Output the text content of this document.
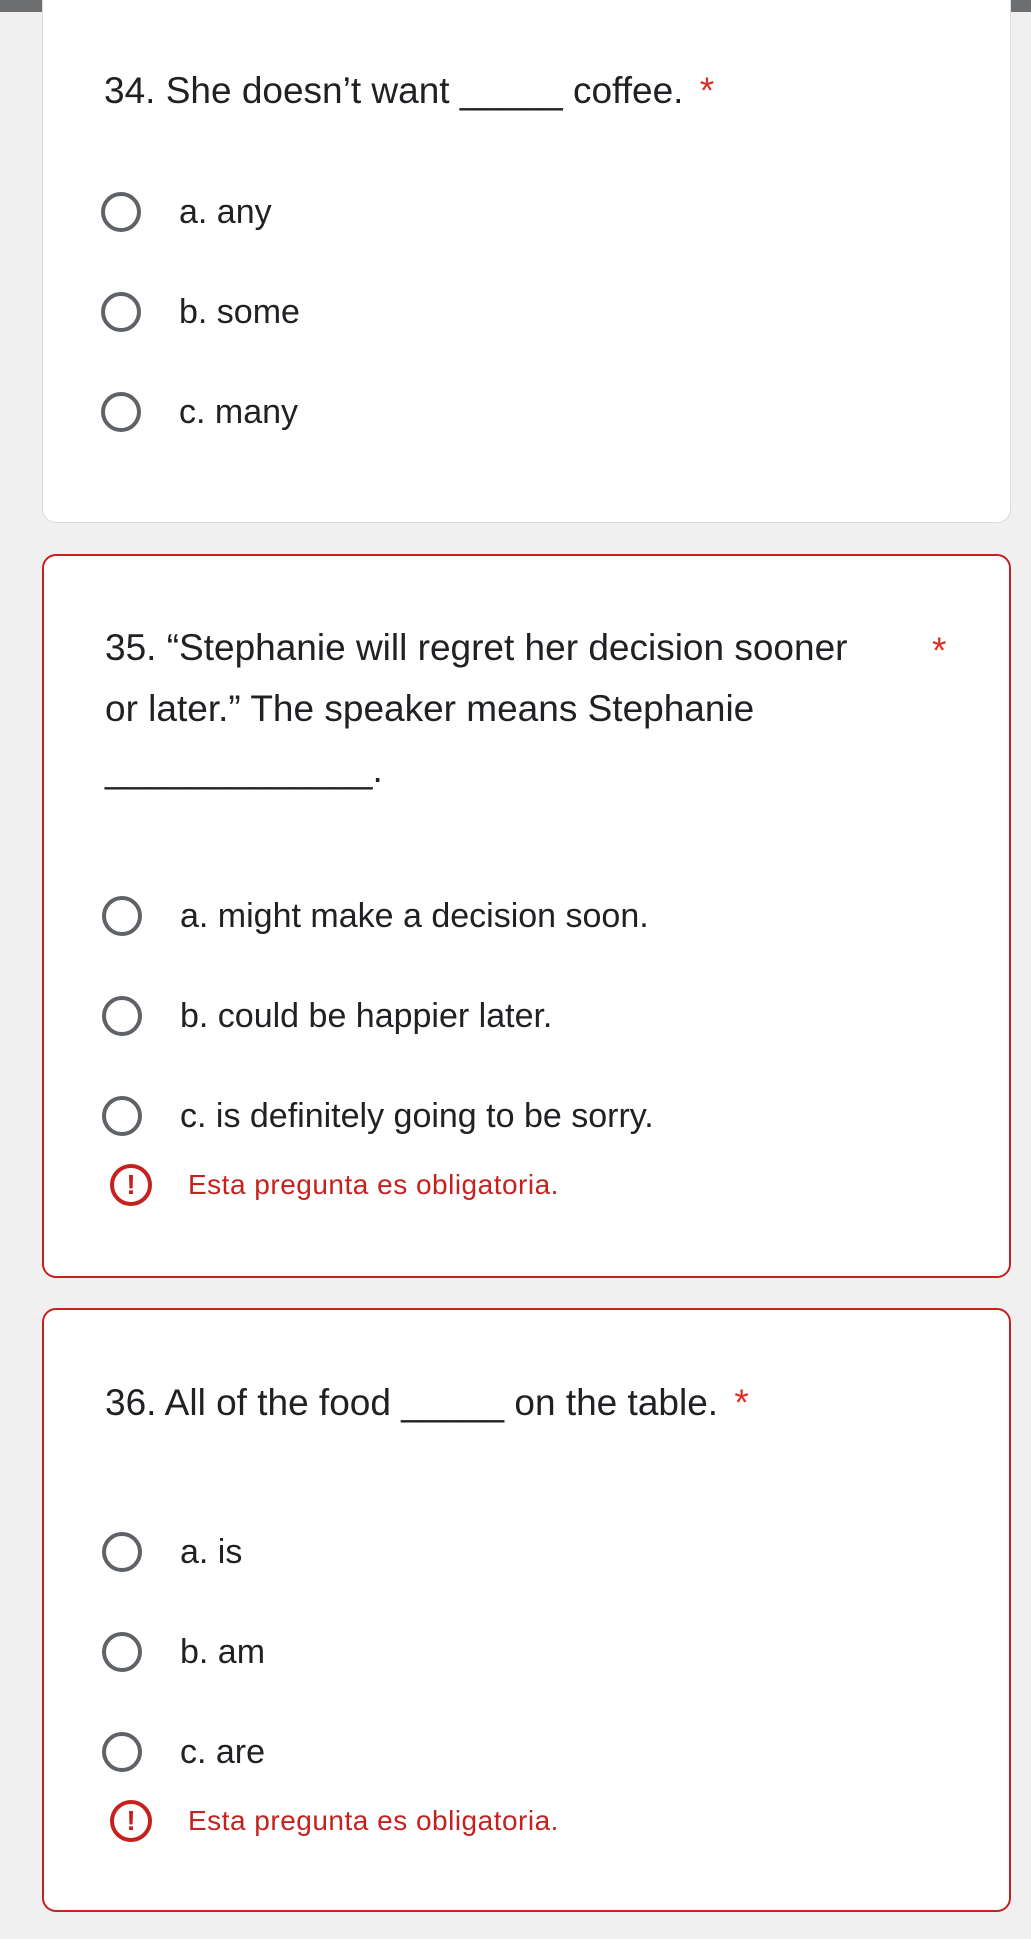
34. She doesn’t want _____ coffee. *
a. any
b. some
c. many
35. “Stephanie will regret her decision sooner
or later.” The speaker means Stephanie
_____________.
*
a. might make a decision soon.
b. could be happier later.
c. is deﬁnitely going to be sorry.
!	Esta pregunta es obligatoria.
36. All of the food _____ on the table. *
a. is
b. am
c. are
!	Esta pregunta es obligatoria.
